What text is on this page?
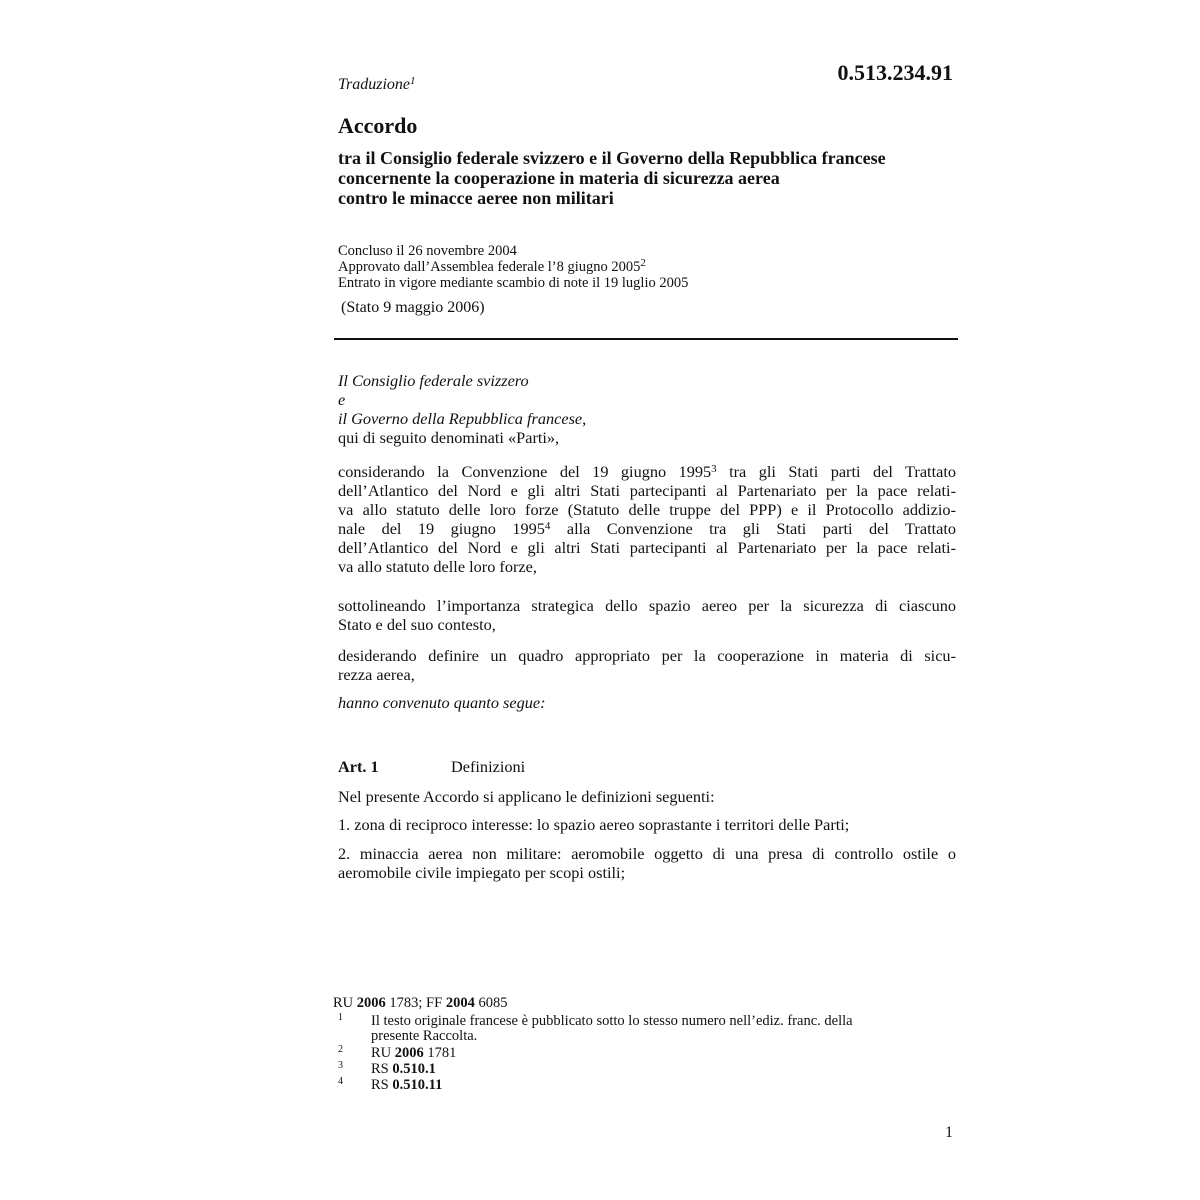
Traduzione$^1$	0.513.234.91
Accordo
tra il Consiglio federale svizzero e il Governo della Repubblica francese
concernente la cooperazione in materia di sicurezza aerea
contro le minacce aeree non militari
Concluso il 26 novembre 2004
Approvato dall’Assemblea federale l’8 giugno 2005$^2$
Entrato in vigore mediante scambio di note il 19 luglio 2005
(Stato 9 maggio 2006)
Il Consiglio federale svizzero
e
il Governo della Repubblica francese,
qui di seguito denominati «Parti»,
considerando la Convenzione del 19 giugno 1995$^3$ tra gli Stati parti del Trattato
dell’Atlantico del Nord e gli altri Stati partecipanti al Partenariato per la pace relati-
va allo statuto delle loro forze (Statuto delle truppe del PPP) e il Protocollo addizio-
nale del 19 giugno 1995$^4$ alla Convenzione tra gli Stati parti del Trattato
dell’Atlantico del Nord e gli altri Stati partecipanti al Partenariato per la pace relati-
va allo statuto delle loro forze,
sottolineando l’importanza strategica dello spazio aereo per la sicurezza di ciascuno
Stato e del suo contesto,
desiderando definire un quadro appropriato per la cooperazione in materia di sicu-
rezza aerea,
hanno convenuto quanto segue:
Art. 1	Definizioni
Nel presente Accordo si applicano le definizioni seguenti:
1. zona di reciproco interesse: lo spazio aereo soprastante i territori delle Parti;
2. minaccia aerea non militare: aeromobile oggetto di una presa di controllo ostile o
aeromobile civile impiegato per scopi ostili;
RU 2006 1783; FF 2004 6085
1 Il testo originale francese è pubblicato sotto lo stesso numero nell’ediz. franc. della
presente Raccolta.
2 RU 2006 1781
3 RS 0.510.1
4 RS 0.510.11
1
